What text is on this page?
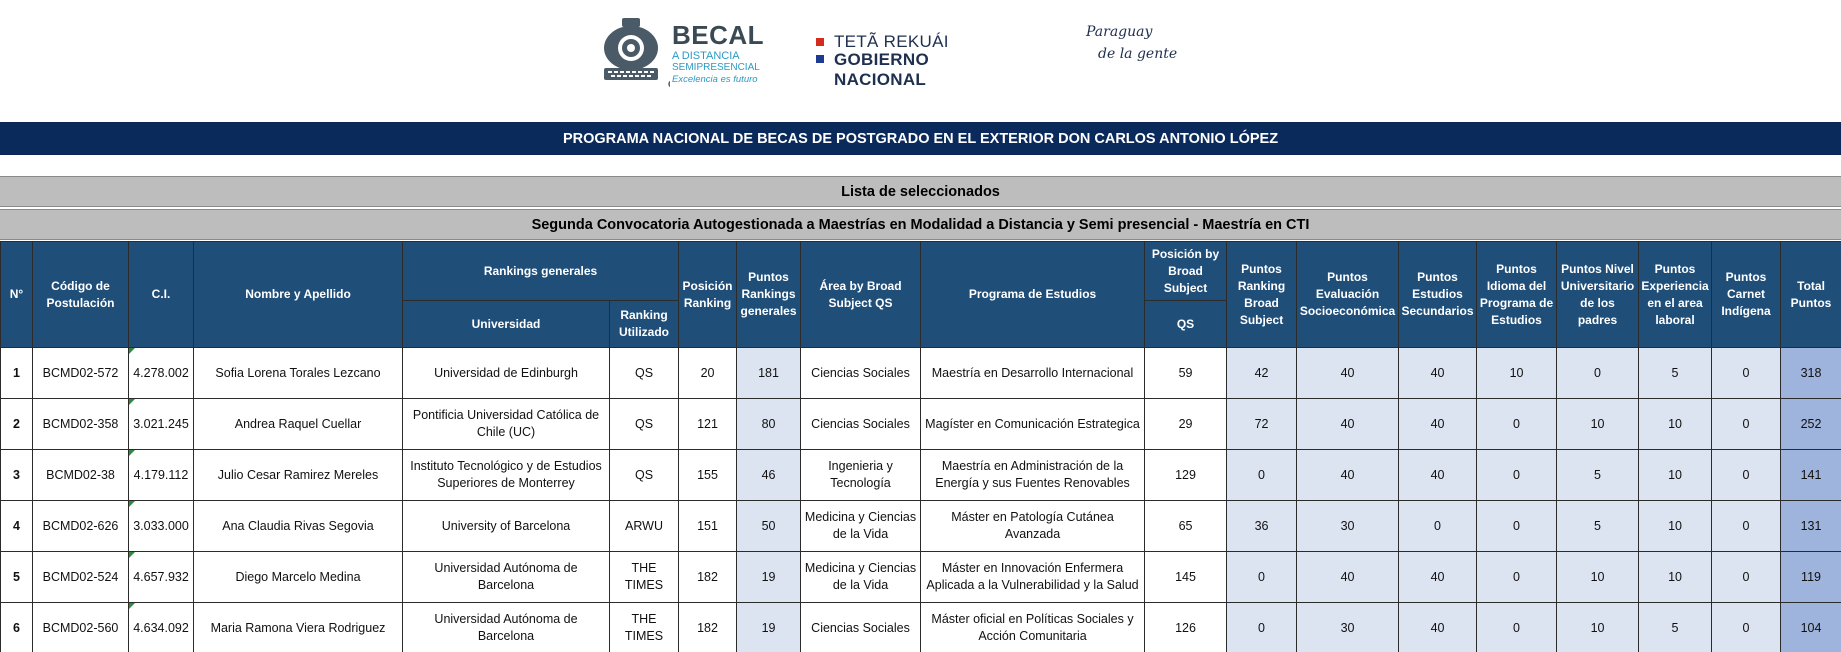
BECAL
A DISTANCIA
SEMIPRESENCIAL
Excelencia es futuro
TETÃ REKUÁI
GOBIERNO NACIONAL
Paraguay
de la gente
PROGRAMA NACIONAL DE BECAS DE POSTGRADO EN EL EXTERIOR DON CARLOS ANTONIO LÓPEZ
Lista de seleccionados
Segunda Convocatoria Autogestionada a Maestrías en Modalidad a Distancia y Semi presencial - Maestría en CTI
N°	Código de Postulación	C.I.	Nombre y Apellido	Rankings generales		Posición Ranking	Puntos Rankings generales	Área by Broad Subject QS	Programa de Estudios	Posición by Broad Subject	Puntos Ranking Broad Subject	Puntos Evaluación Socioeconómica	Puntos Estudios Secundarios	Puntos Idioma del Programa de Estudios	Puntos Nivel Universitario de los padres	Puntos Experiencia en el area laboral	Puntos Carnet Indígena	Total Puntos
				Universidad	Ranking Utilizado					QS								
1	BCMD02-572	4.278.002	Sofia Lorena Torales Lezcano	Universidad de Edinburgh	QS	20	181	Ciencias Sociales	Maestría en Desarrollo Internacional	59	42	40	40	10	0	5	0	318
2	BCMD02-358	3.021.245	Andrea Raquel Cuellar	Pontificia Universidad Católica de Chile (UC)	QS	121	80	Ciencias Sociales	Magíster en Comunicación Estrategica	29	72	40	40	0	10	10	0	252
3	BCMD02-38	4.179.112	Julio Cesar Ramirez Mereles	Instituto Tecnológico y de Estudios Superiores de Monterrey	QS	155	46	Ingenieria y Tecnología	Maestría en Administración de la Energía y sus Fuentes Renovables	129	0	40	40	0	5	10	0	141
4	BCMD02-626	3.033.000	Ana Claudia Rivas Segovia	University of Barcelona	ARWU	151	50	Medicina y Ciencias de la Vida	Máster en Patología Cutánea Avanzada	65	36	30	0	0	5	10	0	131
5	BCMD02-524	4.657.932	Diego Marcelo Medina	Universidad Autónoma de Barcelona	THE TIMES	182	19	Medicina y Ciencias de la Vida	Máster en Innovación Enfermera Aplicada a la Vulnerabilidad y la Salud	145	0	40	40	0	10	10	0	119
6	BCMD02-560	4.634.092	Maria Ramona Viera Rodriguez	Universidad Autónoma de Barcelona	THE TIMES	182	19	Ciencias Sociales	Máster oficial en Políticas Sociales y Acción Comunitaria	126	0	30	40	0	10	5	0	104
